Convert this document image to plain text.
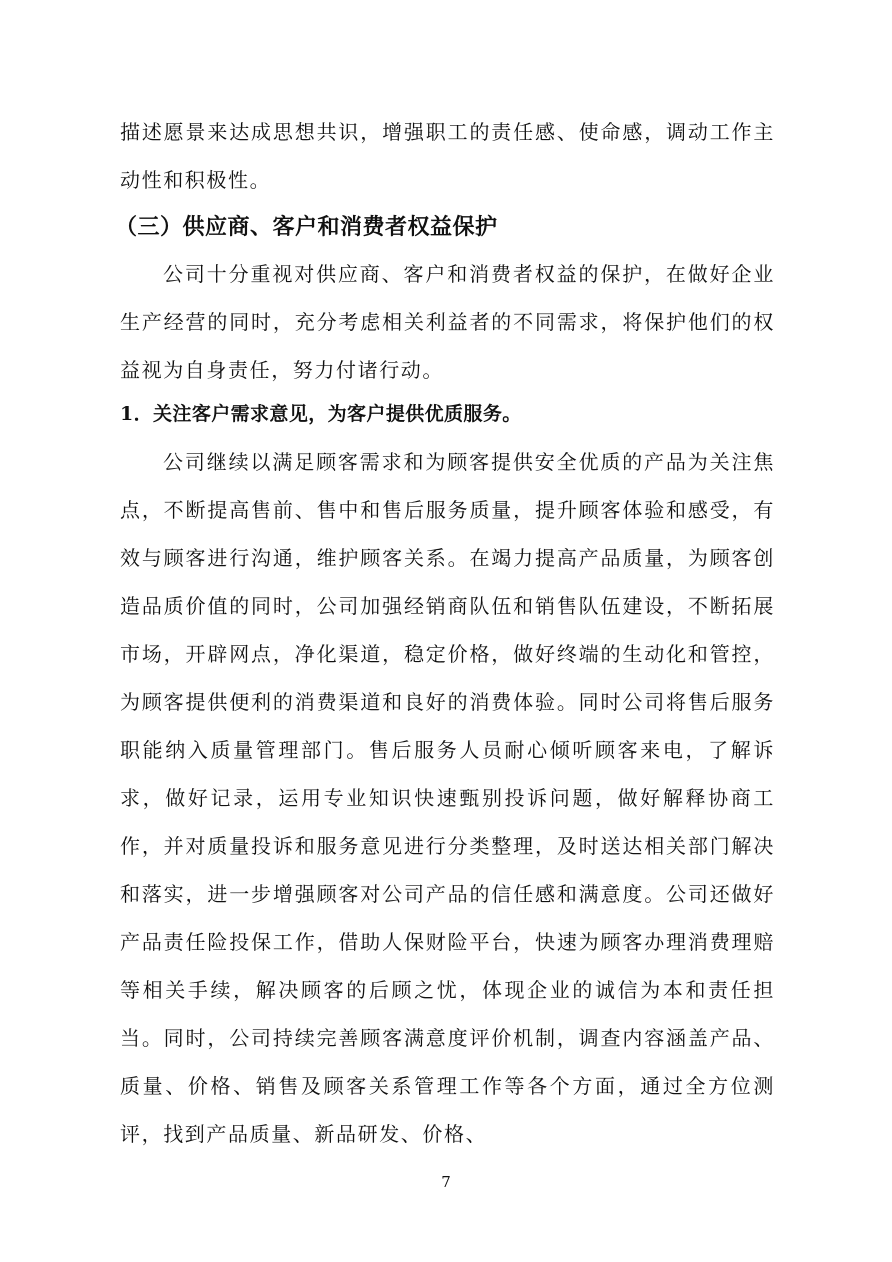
描述愿景来达成思想共识，增强职工的责任感、使命感，调动工作主动性和积极性。

（三）供应商、客户和消费者权益保护

公司十分重视对供应商、客户和消费者权益的保护，在做好企业生产经营的同时，充分考虑相关利益者的不同需求，将保护他们的权益视为自身责任，努力付诸行动。

1．关注客户需求意见，为客户提供优质服务。

公司继续以满足顾客需求和为顾客提供安全优质的产品为关注焦点，不断提高售前、售中和售后服务质量，提升顾客体验和感受，有效与顾客进行沟通，维护顾客关系。在竭力提高产品质量，为顾客创造品质价值的同时，公司加强经销商队伍和销售队伍建设，不断拓展市场，开辟网点，净化渠道，稳定价格，做好终端的生动化和管控，为顾客提供便利的消费渠道和良好的消费体验。同时公司将售后服务职能纳入质量管理部门。售后服务人员耐心倾听顾客来电，了解诉求，做好记录，运用专业知识快速甄别投诉问题，做好解释协商工作，并对质量投诉和服务意见进行分类整理，及时送达相关部门解决和落实，进一步增强顾客对公司产品的信任感和满意度。公司还做好产品责任险投保工作，借助人保财险平台，快速为顾客办理消费理赔等相关手续，解决顾客的后顾之忧，体现企业的诚信为本和责任担当。同时，公司持续完善顾客满意度评价机制，调查内容涵盖产品、质量、价格、销售及顾客关系管理工作等各个方面，通过全方位测评，找到产品质量、新品研发、价格、

7
